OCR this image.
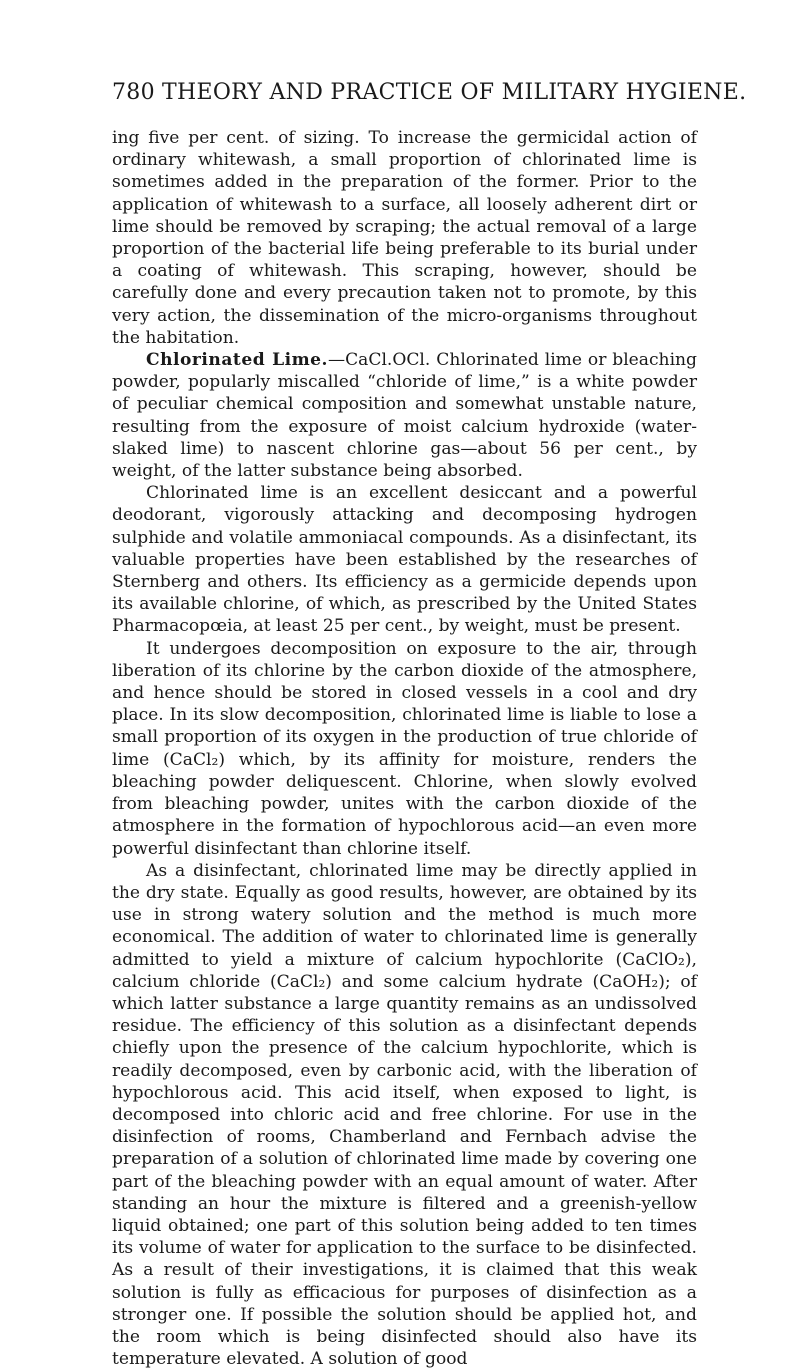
780 THEORY AND PRACTICE OF MILITARY HYGIENE.

ing five per cent. of sizing. To increase the germicidal action of ordinary whitewash, a small proportion of chlorinated lime is sometimes added in the preparation of the former. Prior to the application of whitewash to a surface, all loosely adherent dirt or lime should be removed by scraping; the actual removal of a large proportion of the bacterial life being preferable to its burial under a coating of whitewash. This scraping, however, should be carefully done and every precaution taken not to promote, by this very action, the dissemination of the micro-organisms throughout the habitation.

Chlorinated Lime.—CaCl.OCl. Chlorinated lime or bleaching powder, popularly miscalled “chloride of lime,” is a white powder of peculiar chemical composition and somewhat unstable nature, resulting from the exposure of moist calcium hydroxide (water-slaked lime) to nascent chlorine gas—about 56 per cent., by weight, of the latter substance being absorbed.

Chlorinated lime is an excellent desiccant and a powerful deodorant, vigorously attacking and decomposing hydrogen sulphide and volatile ammoniacal compounds. As a disinfectant, its valuable properties have been established by the researches of Sternberg and others. Its efficiency as a germicide depends upon its available chlorine, of which, as prescribed by the United States Pharmacopœia, at least 25 per cent., by weight, must be present.

It undergoes decomposition on exposure to the air, through liberation of its chlorine by the carbon dioxide of the atmosphere, and hence should be stored in closed vessels in a cool and dry place. In its slow decomposition, chlorinated lime is liable to lose a small proportion of its oxygen in the production of true chloride of lime (CaCl₂) which, by its affinity for moisture, renders the bleaching powder deliquescent. Chlorine, when slowly evolved from bleaching powder, unites with the carbon dioxide of the atmosphere in the formation of hypochlorous acid—an even more powerful disinfectant than chlorine itself.

As a disinfectant, chlorinated lime may be directly applied in the dry state. Equally as good results, however, are obtained by its use in strong watery solution and the method is much more economical. The addition of water to chlorinated lime is generally admitted to yield a mixture of calcium hypochlorite (CaClO₂), calcium chloride (CaCl₂) and some calcium hydrate (CaOH₂); of which latter substance a large quantity remains as an undissolved residue. The efficiency of this solution as a disinfectant depends chiefly upon the presence of the calcium hypochlorite, which is readily decomposed, even by carbonic acid, with the liberation of hypochlorous acid. This acid itself, when exposed to light, is decomposed into chloric acid and free chlorine. For use in the disinfection of rooms, Chamberland and Fernbach advise the preparation of a solution of chlorinated lime made by covering one part of the bleaching powder with an equal amount of water. After standing an hour the mixture is filtered and a greenish-yellow liquid obtained; one part of this solution being added to ten times its volume of water for application to the surface to be disinfected. As a result of their investigations, it is claimed that this weak solution is fully as efficacious for purposes of disinfection as a stronger one. If possible the solution should be applied hot, and the room which is being disinfected should also have its temperature elevated. A solution of good
